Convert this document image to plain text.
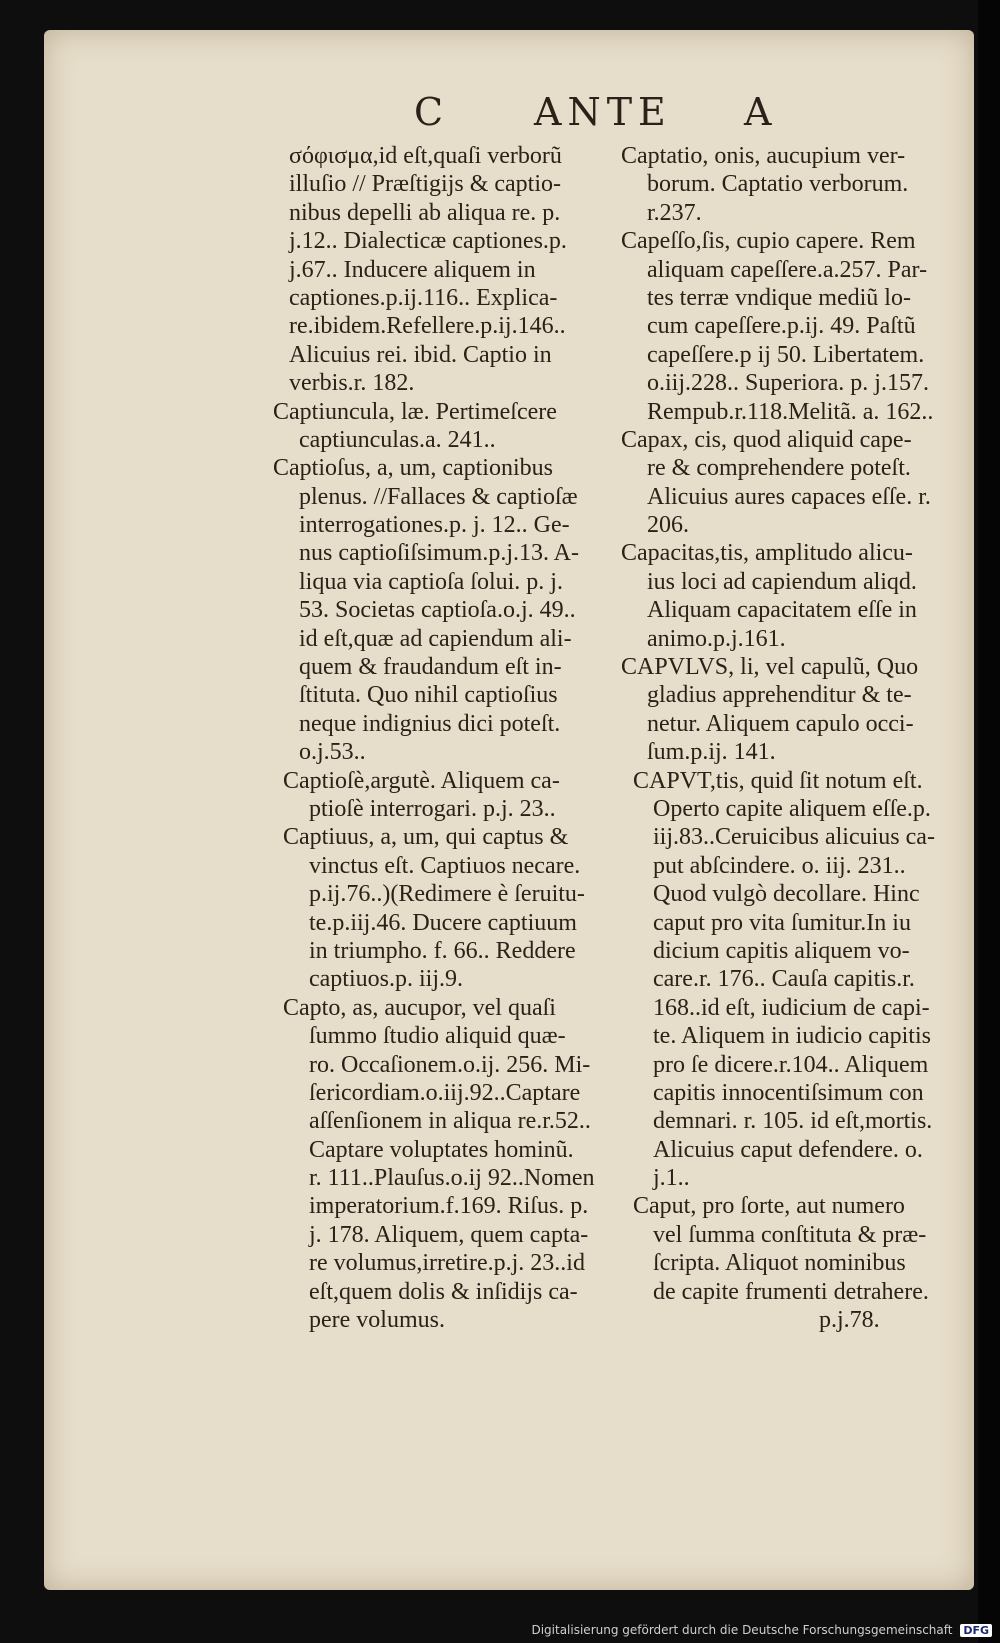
C ANTE A
σόφισμα,id eſt,quaſi verborũ
illuſio // Præſtigijs & captio-
nibus depelli ab aliqua re. p.
j.12.. Dialecticæ captiones.p.
j.67.. Inducere aliquem in
captiones.p.ij.116.. Explica-
re.ibidem.Refellere.p.ij.146..
Alicuius rei. ibid. Captio in
verbis.r. 182.
Captiuncula, læ. Pertimeſcere
captiunculas.a. 241..
Captioſus, a, um, captionibus
plenus. //Fallaces & captioſæ
interrogationes.p. j. 12.. Ge-
nus captioſiſsimum.p.j.13. A-
liqua via captioſa ſolui. p. j.
53. Societas captioſa.o.j. 49..
id eſt,quæ ad capiendum ali-
quem & fraudandum eſt in-
ſtituta. Quo nihil captioſius
neque indignius dici poteſt.
o.j.53..
Captioſè,argutè. Aliquem ca-
ptioſè interrogari. p.j. 23..
Captiuus, a, um, qui captus &
vinctus eſt. Captiuos necare.
p.ij.76..)(Redimere è ſeruitu-
te.p.iij.46. Ducere captiuum
in triumpho. f. 66.. Reddere
captiuos.p. iij.9.
Capto, as, aucupor, vel quaſi
ſummo ſtudio aliquid quæ-
ro. Occaſionem.o.ij. 256. Mi-
ſericordiam.o.iij.92..Captare
aſſenſionem in aliqua re.r.52..
Captare voluptates hominũ.
r. 111..Plauſus.o.ij 92..Nomen
imperatorium.f.169. Riſus. p.
j. 178. Aliquem, quem capta-
re volumus,irretire.p.j. 23..id
eſt,quem dolis & inſidijs ca-
pere volumus.
Captatio, onis, aucupium ver-
borum. Captatio verborum.
r.237.
Capeſſo,ſis, cupio capere. Rem
aliquam capeſſere.a.257. Par-
tes terræ vndique mediũ lo-
cum capeſſere.p.ij. 49. Paſtũ
capeſſere.p ij 50. Libertatem.
o.iij.228.. Superiora. p. j.157.
Rempub.r.118.Melitã. a. 162..
Capax, cis, quod aliquid cape-
re & comprehendere poteſt.
Alicuius aures capaces eſſe. r.
206.
Capacitas,tis, amplitudo alicu-
ius loci ad capiendum aliqd.
Aliquam capacitatem eſſe in
animo.p.j.161.
CAPVLVS, li, vel capulũ, Quo
gladius apprehenditur & te-
netur. Aliquem capulo occi-
ſum.p.ij. 141.
CAPVT,tis, quid ſit notum eſt.
Operto capite aliquem eſſe.p.
iij.83..Ceruicibus alicuius ca-
put abſcindere. o. iij. 231..
Quod vulgò decollare. Hinc
caput pro vita ſumitur.In iu
dicium capitis aliquem vo-
care.r. 176.. Cauſa capitis.r.
168..id eſt, iudicium de capi-
te. Aliquem in iudicio capitis
pro ſe dicere.r.104.. Aliquem
capitis innocentiſsimum con
demnari. r. 105. id eſt,mortis.
Alicuius caput defendere. o.
j.1..
Caput, pro ſorte, aut numero
vel ſumma conſtituta & præ-
ſcripta. Aliquot nominibus
de capite frumenti detrahere.
p.j.78.
Digitalisierung gefördert durch die Deutsche Forschungsgemeinschaft DFG
